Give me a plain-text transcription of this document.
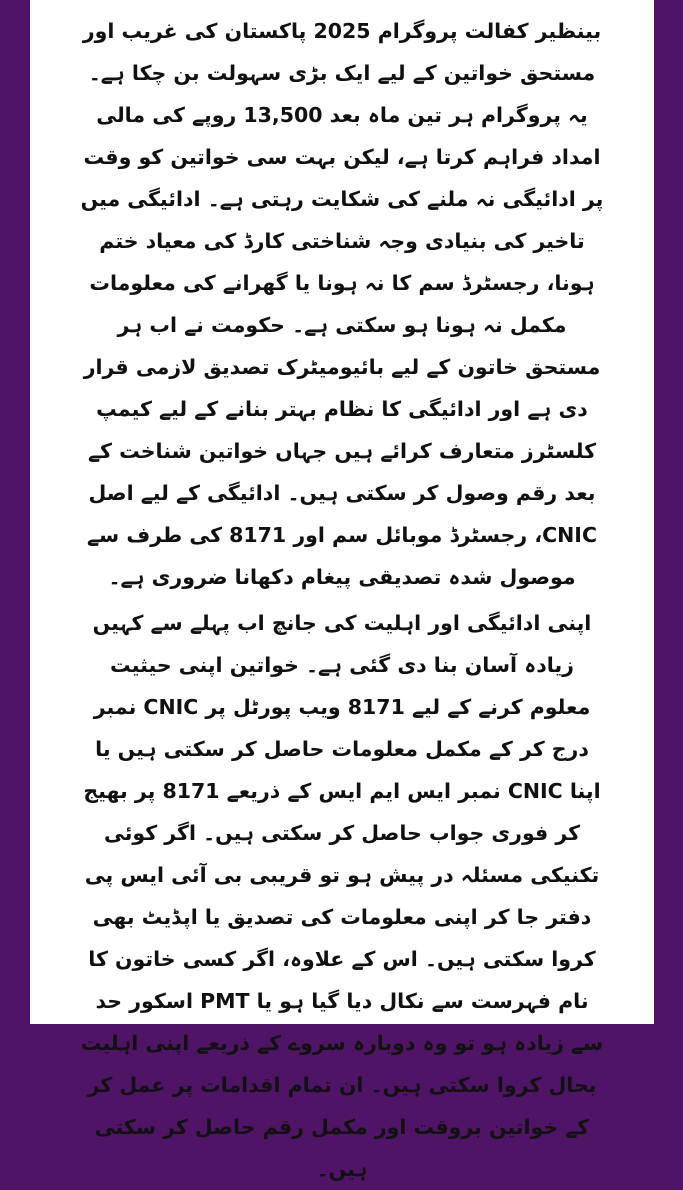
بینظیر کفالت پروگرام 2025 پاکستان کی غریب اور مستحق خواتین کے لیے ایک بڑی سہولت بن چکا ہے۔ یہ پروگرام ہر تین ماہ بعد 13,500 روپے کی مالی امداد فراہم کرتا ہے، لیکن بہت سی خواتین کو وقت پر ادائیگی نہ ملنے کی شکایت رہتی ہے۔ ادائیگی میں تاخیر کی بنیادی وجہ شناختی کارڈ کی معیاد ختم ہونا، رجسٹرڈ سم کا نہ ہونا یا گھرانے کی معلومات مکمل نہ ہونا ہو سکتی ہے۔ حکومت نے اب ہر مستحق خاتون کے لیے بائیومیٹرک تصدیق لازمی قرار دی ہے اور ادائیگی کا نظام بہتر بنانے کے لیے کیمپ کلسٹرز متعارف کرائے ہیں جہاں خواتین شناخت کے بعد رقم وصول کر سکتی ہیں۔ ادائیگی کے لیے اصل CNIC، رجسٹرڈ موبائل سم اور 8171 کی طرف سے موصول شدہ تصدیقی پیغام دکھانا ضروری ہے۔

اپنی ادائیگی اور اہلیت کی جانچ اب پہلے سے کہیں زیادہ آسان بنا دی گئی ہے۔ خواتین اپنی حیثیت معلوم کرنے کے لیے 8171 ویب پورٹل پر CNIC نمبر درج کر کے مکمل معلومات حاصل کر سکتی ہیں یا اپنا CNIC نمبر ایس ایم ایس کے ذریعے 8171 پر بھیج کر فوری جواب حاصل کر سکتی ہیں۔ اگر کوئی تکنیکی مسئلہ در پیش ہو تو قریبی بی آئی ایس پی دفتر جا کر اپنی معلومات کی تصدیق یا اپڈیٹ بھی کروا سکتی ہیں۔ اس کے علاوہ، اگر کسی خاتون کا نام فہرست سے نکال دیا گیا ہو یا PMT اسکور حد سے زیادہ ہو تو وہ دوبارہ سروے کے ذریعے اپنی اہلیت بحال کروا سکتی ہیں۔ ان تمام اقدامات پر عمل کر کے خواتین بروقت اور مکمل رقم حاصل کر سکتی ہیں۔
